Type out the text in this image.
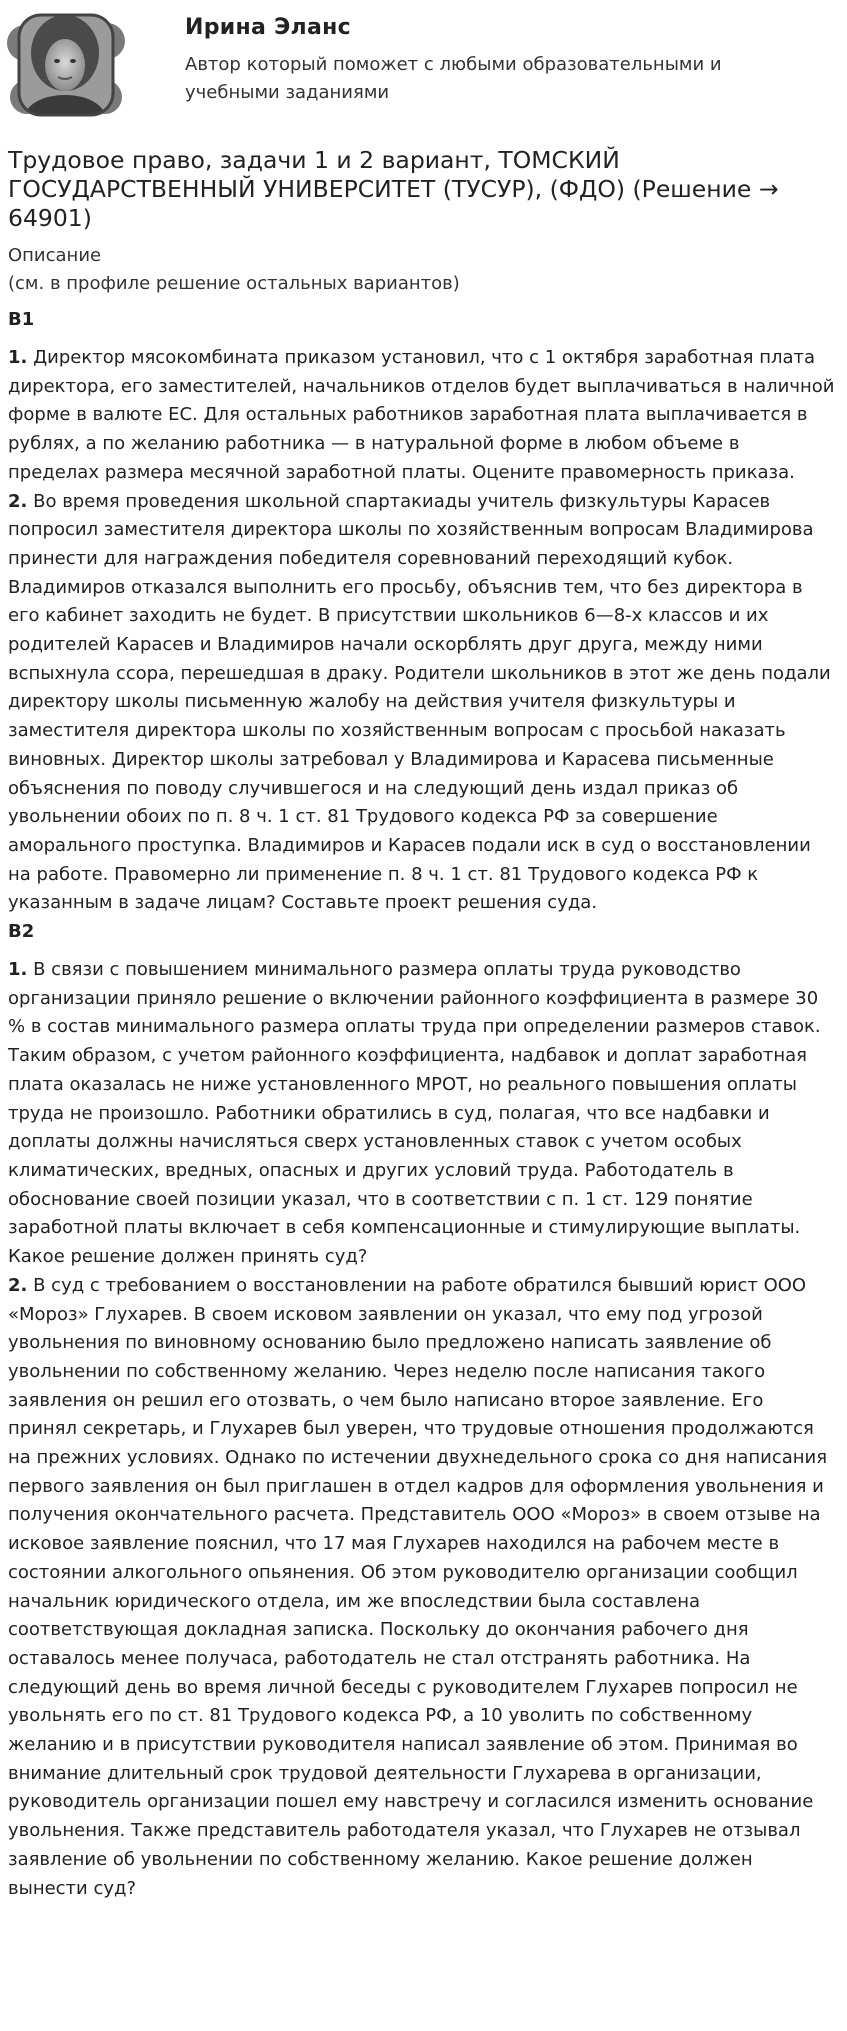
Ирина Эланс
Автор который поможет с любыми образовательными и учебными заданиями
Трудовое право, задачи 1 и 2 вариант, ТОМСКИЙ ГОСУДАРСТВЕННЫЙ УНИВЕРСИТЕТ (ТУСУР), (ФДО) (Решение → 64901)
Описание
(см. в профиле решение остальных вариантов)
В1

1. Директор мясокомбината приказом установил, что с 1 октября заработная плата директора, его заместителей, начальников отделов будет выплачиваться в наличной форме в валюте ЕС. Для остальных работников заработная плата выплачивается в рублях, а по желанию работника — в натуральной форме в любом объеме в пределах размера месячной заработной платы. Оцените правомерность приказа.

2. Во время проведения школьной спартакиады учитель физкультуры Карасев попросил заместителя директора школы по хозяйственным вопросам Владимирова принести для награждения победителя соревнований переходящий кубок. Владимиров отказался выполнить его просьбу, объяснив тем, что без директора в его кабинет заходить не будет. В присутствии школьников 6—8-х классов и их родителей Карасев и Владимиров начали оскорблять друг друга, между ними вспыхнула ссора, перешедшая в драку. Родители школьников в этот же день подали директору школы письменную жалобу на действия учителя физкультуры и заместителя директора школы по хозяйственным вопросам с просьбой наказать виновных. Директор школы затребовал у Владимирова и Карасева письменные объяснения по поводу случившегося и на следующий день издал приказ об увольнении обоих по п. 8 ч. 1 ст. 81 Трудового кодекса РФ за совершение аморального проступка. Владимиров и Карасев подали иск в суд о восстановлении на работе. Правомерно ли применение п. 8 ч. 1 ст. 81 Трудового кодекса РФ к указанным в задаче лицам? Составьте проект решения суда.

В2

1. В связи с повышением минимального размера оплаты труда руководство организации приняло решение о включении районного коэффициента в размере 30 % в состав минимального размера оплаты труда при определении размеров ставок. Таким образом, с учетом районного коэффициента, надбавок и доплат заработная плата оказалась не ниже установленного МРОТ, но реального повышения оплаты труда не произошло. Работники обратились в суд, полагая, что все надбавки и доплаты должны начисляться сверх установленных ставок с учетом особых климатических, вредных, опасных и других условий труда. Работодатель в обоснование своей позиции указал, что в соответствии с п. 1 ст. 129 понятие заработной платы включает в себя компенсационные и стимулирующие выплаты. Какое решение должен принять суд?

2. В суд с требованием о восстановлении на работе обратился бывший юрист ООО «Мороз» Глухарев. В своем исковом заявлении он указал, что ему под угрозой увольнения по виновному основанию было предложено написать заявление об увольнении по собственному желанию. Через неделю после написания такого заявления он решил его отозвать, о чем было написано второе заявление. Его принял секретарь, и Глухарев был уверен, что трудовые отношения продолжаются на прежних условиях. Однако по истечении двухнедельного срока со дня написания первого заявления он был приглашен в отдел кадров для оформления увольнения и получения окончательного расчета. Представитель ООО «Мороз» в своем отзыве на исковое заявление пояснил, что 17 мая Глухарев находился на рабочем месте в состоянии алкогольного опьянения. Об этом руководителю организации сообщил начальник юридического отдела, им же впоследствии была составлена соответствующая докладная записка. Поскольку до окончания рабочего дня оставалось менее получаса, работодатель не стал отстранять работника. На следующий день во время личной беседы с руководителем Глухарев попросил не увольнять его по ст. 81 Трудового кодекса РФ, а 10 уволить по собственному желанию и в присутствии руководителя написал заявление об этом. Принимая во внимание длительный срок трудовой деятельности Глухарева в организации, руководитель организации пошел ему навстречу и согласился изменить основание увольнения. Также представитель работодателя указал, что Глухарев не отзывал заявление об увольнении по собственному желанию. Какое решение должен вынести суд?
